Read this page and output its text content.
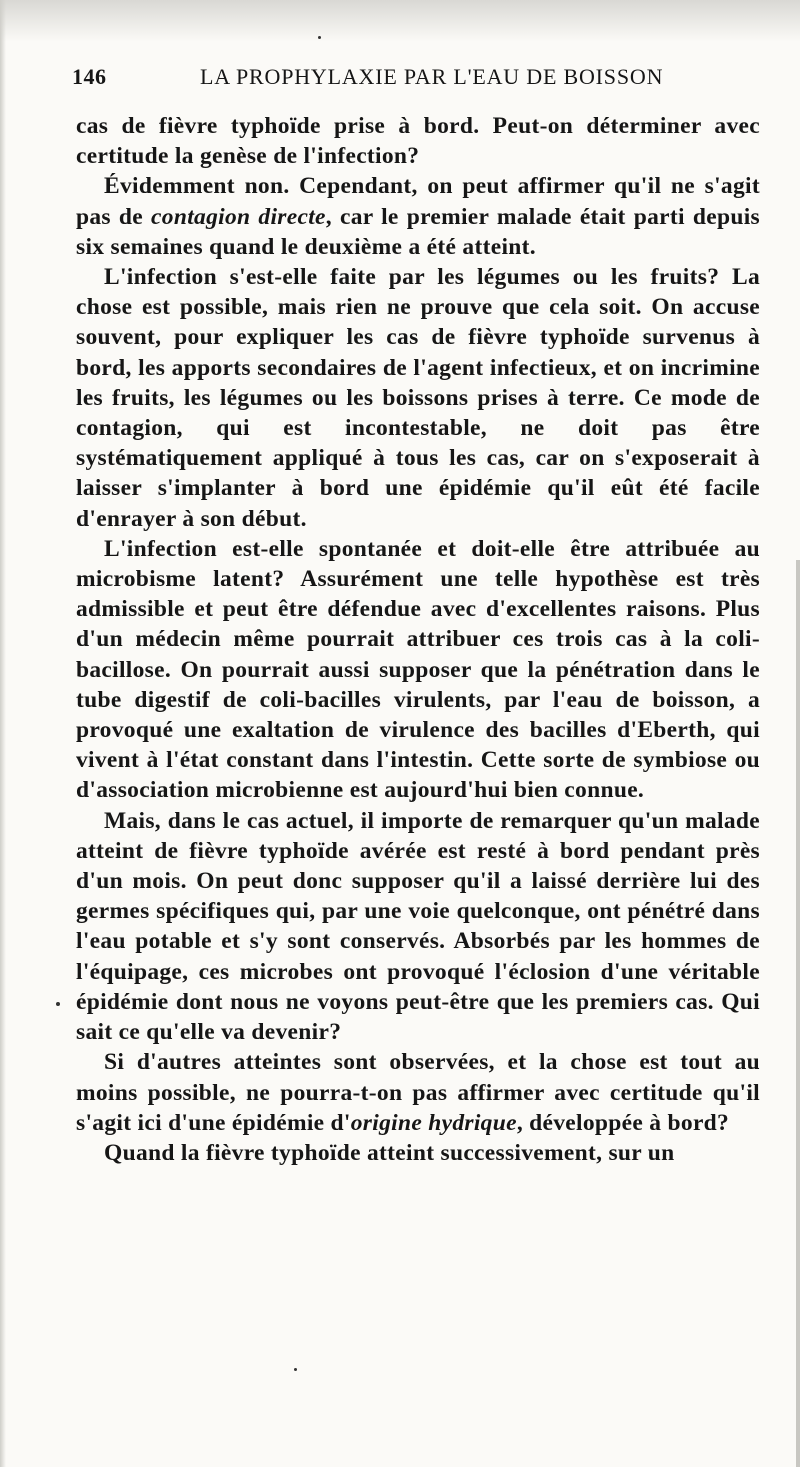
146	LA PROPHYLAXIE PAR L'EAU DE BOISSON

cas de fièvre typhoïde prise à bord. Peut-on déterminer avec certitude la genèse de l'infection?

Évidemment non. Cependant, on peut affirmer qu'il ne s'agit pas de contagion directe, car le premier malade était parti depuis six semaines quand le deuxième a été atteint.

L'infection s'est-elle faite par les légumes ou les fruits? La chose est possible, mais rien ne prouve que cela soit. On accuse souvent, pour expliquer les cas de fièvre typhoïde survenus à bord, les apports secondaires de l'agent infectieux, et on incrimine les fruits, les légumes ou les boissons prises à terre. Ce mode de contagion, qui est incontestable, ne doit pas être systématiquement appliqué à tous les cas, car on s'exposerait à laisser s'implanter à bord une épidémie qu'il eût été facile d'enrayer à son début.

L'infection est-elle spontanée et doit-elle être attribuée au microbisme latent? Assurément une telle hypothèse est très admissible et peut être défendue avec d'excellentes raisons. Plus d'un médecin même pourrait attribuer ces trois cas à la coli-bacillose. On pourrait aussi supposer que la pénétration dans le tube digestif de coli-bacilles virulents, par l'eau de boisson, a provoqué une exaltation de virulence des bacilles d'Eberth, qui vivent à l'état constant dans l'intestin. Cette sorte de symbiose ou d'association microbienne est aujourd'hui bien connue.

Mais, dans le cas actuel, il importe de remarquer qu'un malade atteint de fièvre typhoïde avérée est resté à bord pendant près d'un mois. On peut donc supposer qu'il a laissé derrière lui des germes spécifiques qui, par une voie quelconque, ont pénétré dans l'eau potable et s'y sont conservés. Absorbés par les hommes de l'équipage, ces microbes ont provoqué l'éclosion d'une véritable épidémie dont nous ne voyons peut-être que les premiers cas. Qui sait ce qu'elle va devenir?

Si d'autres atteintes sont observées, et la chose est tout au moins possible, ne pourra-t-on pas affirmer avec certitude qu'il s'agit ici d'une épidémie d'origine hydrique, développée à bord?

Quand la fièvre typhoïde atteint successivement, sur un
